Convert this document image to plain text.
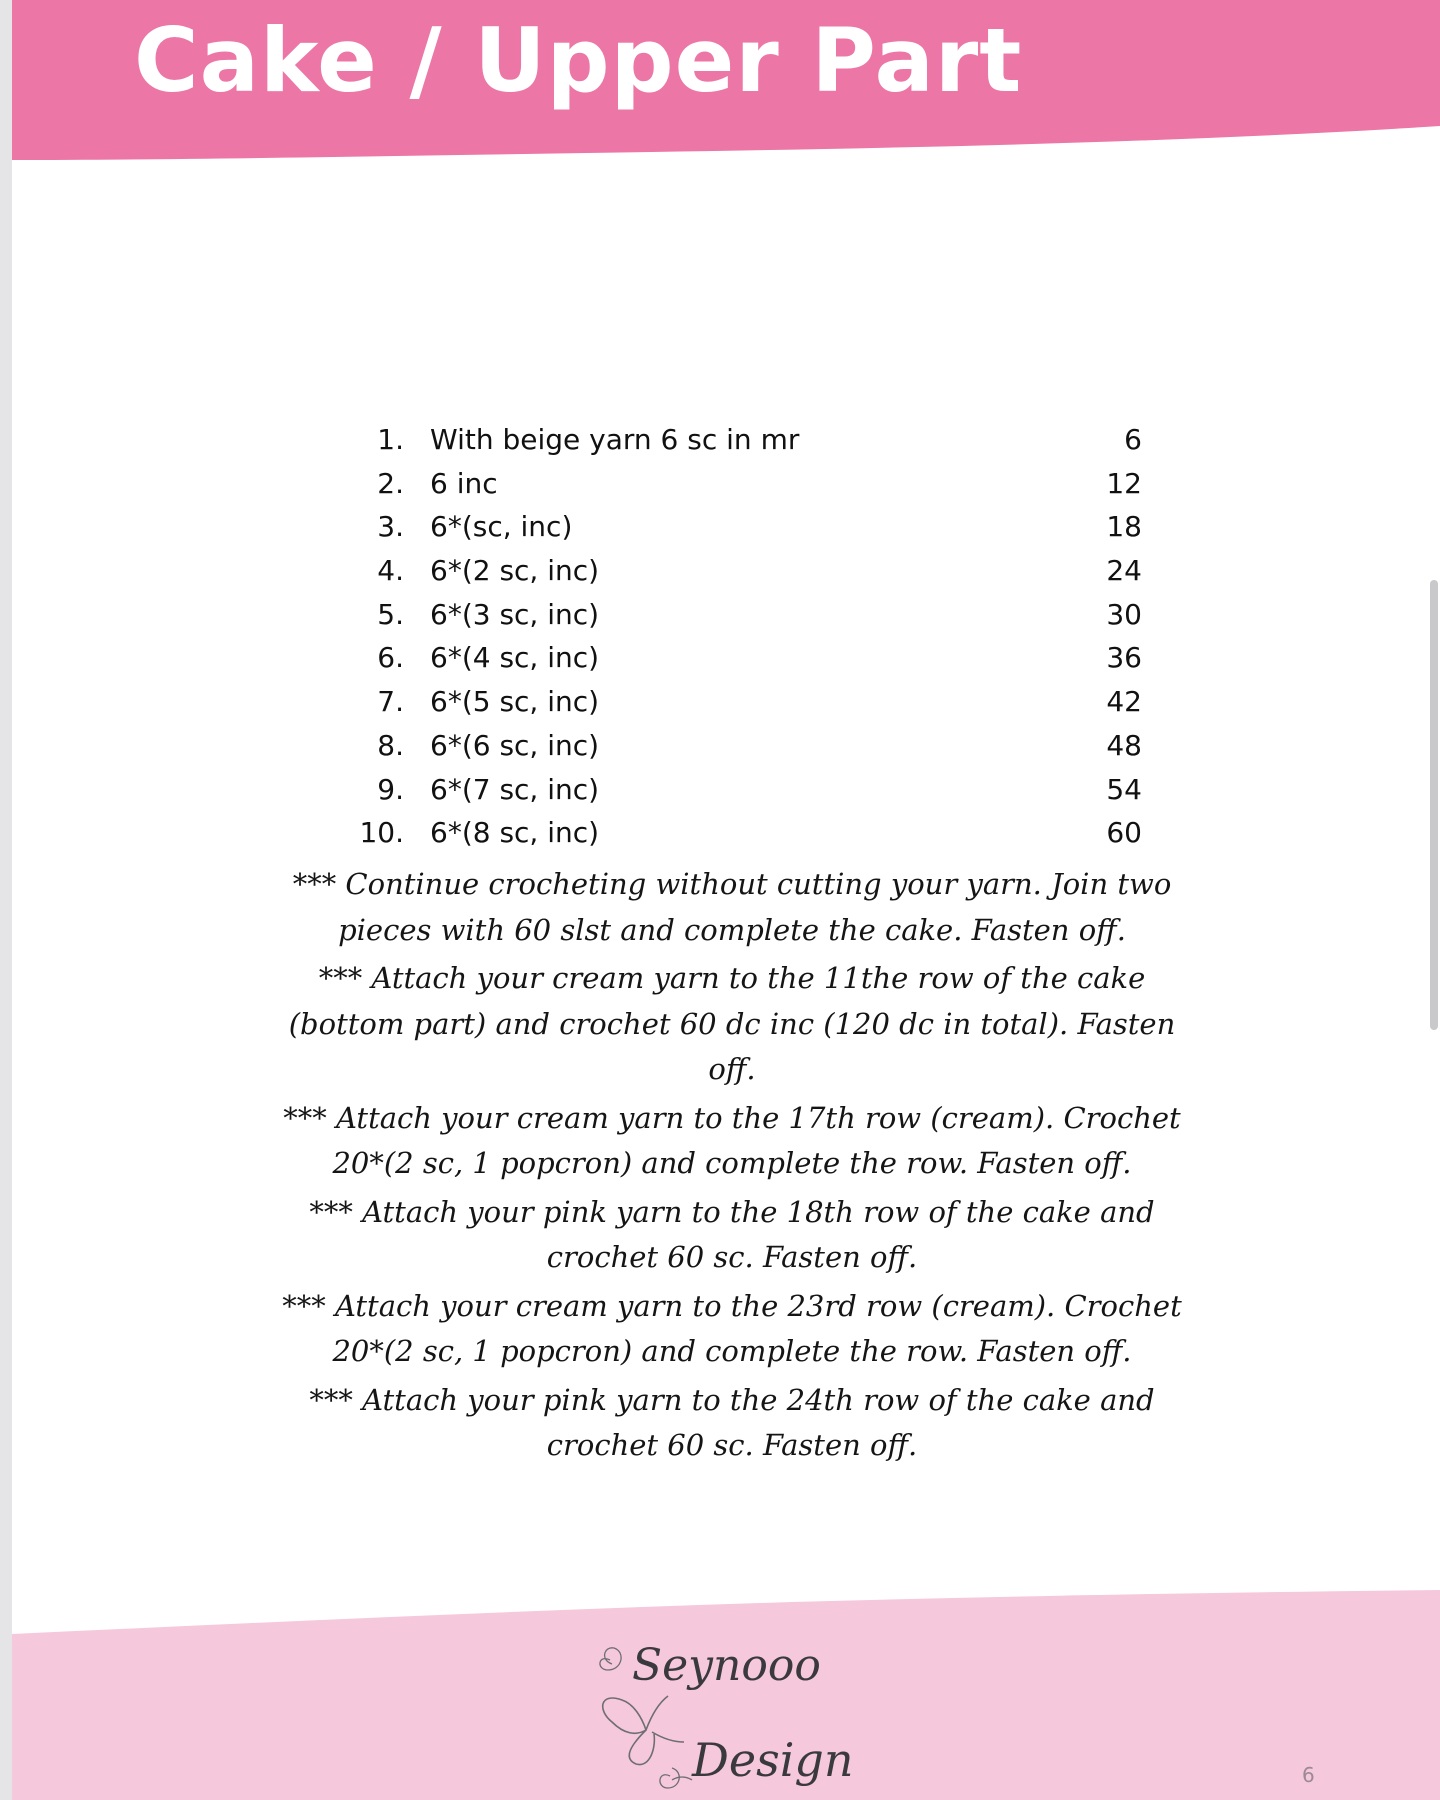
Cake / Upper Part
1. With beige yarn 6 sc in mr	6
2. 6 inc	12
3. 6*(sc, inc)	18
4. 6*(2 sc, inc)	24
5. 6*(3 sc, inc)	30
6. 6*(4 sc, inc)	36
7. 6*(5 sc, inc)	42
8. 6*(6 sc, inc)	48
9. 6*(7 sc, inc)	54
10. 6*(8 sc, inc)	60

*** Continue crocheting without cutting your yarn. Join two pieces with 60 slst and complete the cake. Fasten off.

*** Attach your cream yarn to the 11the row of the cake (bottom part) and crochet 60 dc inc (120 dc in total). Fasten off.

*** Attach your cream yarn to the 17th row (cream). Crochet 20*(2 sc, 1 popcron) and complete the row. Fasten off.

*** Attach your pink yarn to the 18th row of the cake and crochet 60 sc. Fasten off.

*** Attach your cream yarn to the 23rd row (cream). Crochet 20*(2 sc, 1 popcron) and complete the row. Fasten off.

*** Attach your pink yarn to the 24th row of the cake and crochet 60 sc. Fasten off.

Seynooo
Design	6
